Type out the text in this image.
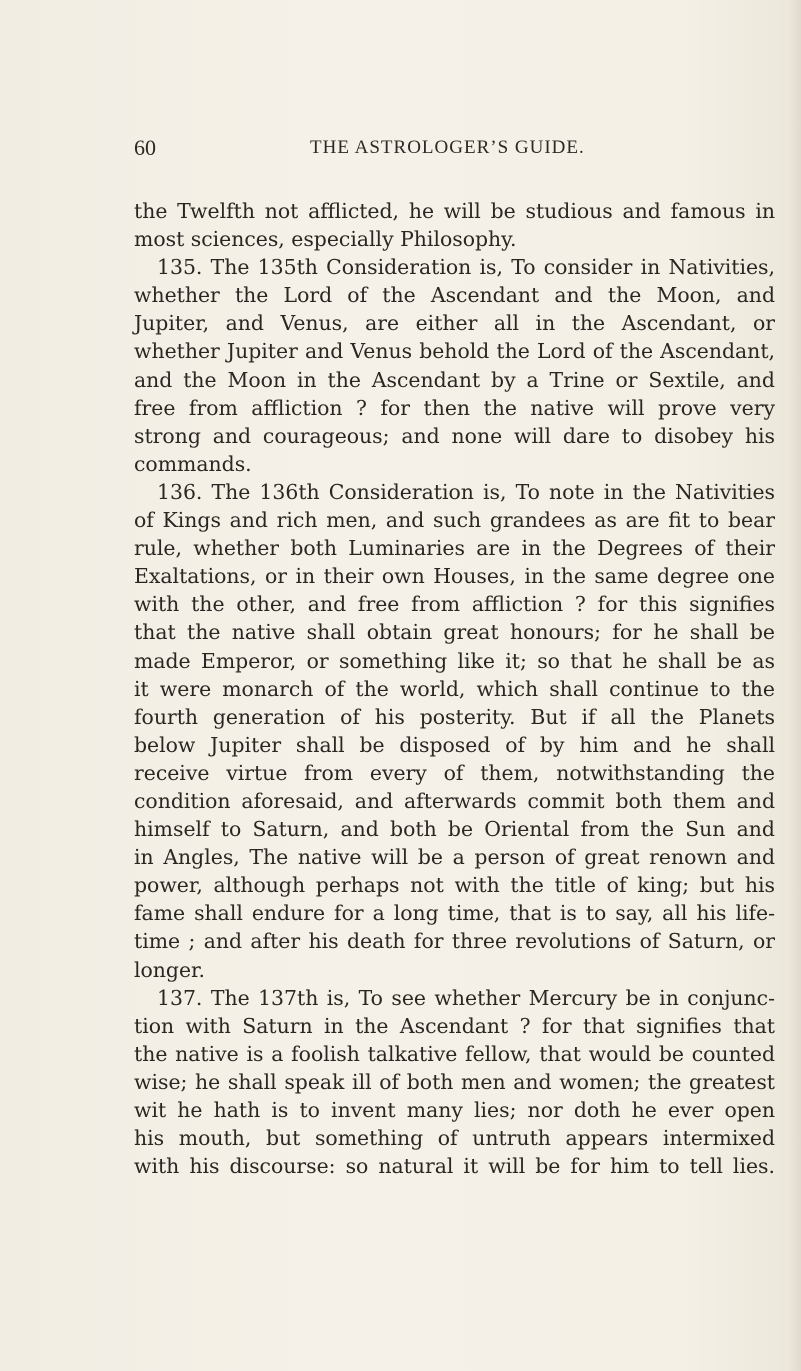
60	THE ASTROLOGER’S GUIDE.
the Twelfth not afflicted, he will be studious and famous in
most sciences, especially Philosophy.
135. The 135th Consideration is, To consider in Nativities,
whether the Lord of the Ascendant and the Moon, and
Jupiter, and Venus, are either all in the Ascendant, or
whether Jupiter and Venus behold the Lord of the Ascendant,
and the Moon in the Ascendant by a Trine or Sextile, and
free from affliction ? for then the native will prove very
strong and courageous; and none will dare to disobey his
commands.
136. The 136th Consideration is, To note in the Nativities
of Kings and rich men, and such grandees as are fit to bear
rule, whether both Luminaries are in the Degrees of their
Exaltations, or in their own Houses, in the same degree one
with the other, and free from affliction ? for this signifies
that the native shall obtain great honours; for he shall be
made Emperor, or something like it; so that he shall be as
it were monarch of the world, which shall continue to the
fourth generation of his posterity. But if all the Planets
below Jupiter shall be disposed of by him and he shall
receive virtue from every of them, notwithstanding the
condition aforesaid, and afterwards commit both them and
himself to Saturn, and both be Oriental from the Sun and
in Angles, The native will be a person of great renown and
power, although perhaps not with the title of king; but his
fame shall endure for a long time, that is to say, all his life-
time ; and after his death for three revolutions of Saturn, or
longer.
137. The 137th is, To see whether Mercury be in conjunc-
tion with Saturn in the Ascendant ? for that signifies that
the native is a foolish talkative fellow, that would be counted
wise; he shall speak ill of both men and women; the greatest
wit he hath is to invent many lies; nor doth he ever open
his mouth, but something of untruth appears intermixed
with his discourse: so natural it will be for him to tell lies.
